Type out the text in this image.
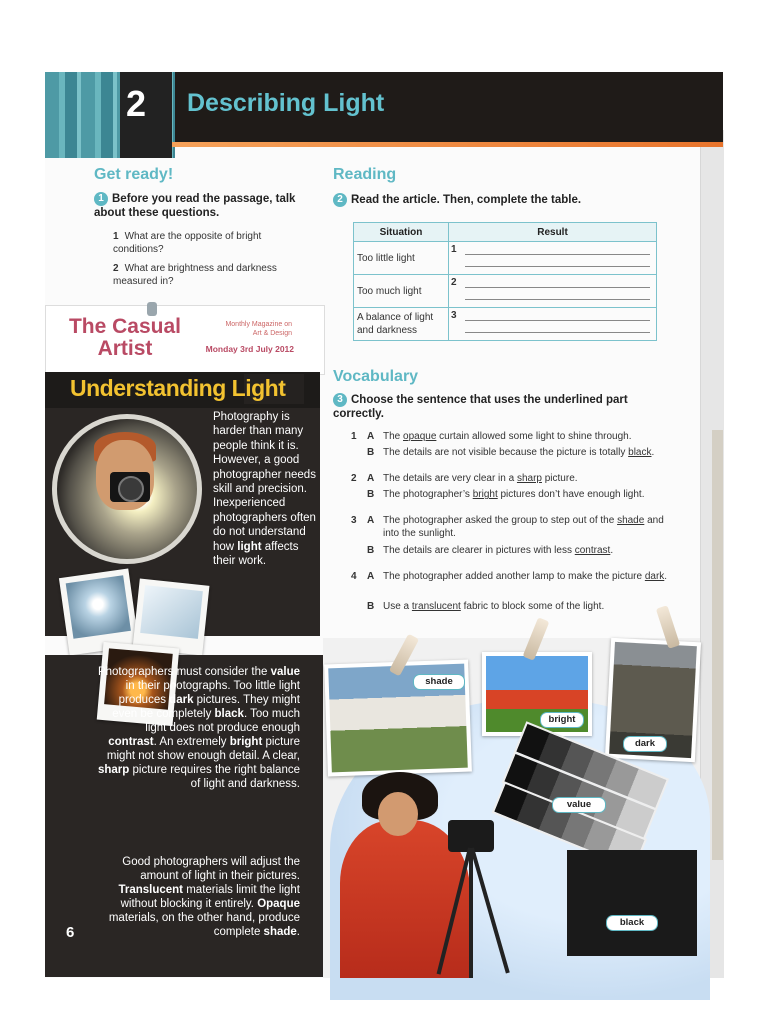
2 Describing Light
Get ready!
1 Before you read the passage, talk about these questions.
1 What are the opposite of bright conditions?
2 What are brightness and darkness measured in?
Reading
2 Read the article. Then, complete the table.
Situation	Result
Too little light	1

Too much light	2

A balance of light and darkness	3
The Casual
Artist
Monthly Magazine on
Art & Design
Monday 3rd July 2012
Understanding Light
Photography is harder than many people think it is. However, a good photographer needs skill and precision. Inexperienced photographers often do not understand how light affects their work.
Photographers must consider the value in their photographs. Too little light produces dark pictures. They might even be completely black. Too much light does not produce enough contrast. An extremely bright picture might not show enough detail. A clear, sharp picture requires the right balance of light and darkness.
Good photographers will adjust the amount of light in their pictures. Translucent materials limit the light without blocking it entirely. Opaque materials, on the other hand, produce complete shade.
6
Vocabulary
3 Choose the sentence that uses the underlined part correctly.
1 A The opaque curtain allowed some light to shine through.
B The details are not visible because the picture is totally black.
2 A The details are very clear in a sharp picture.
B The photographer’s bright pictures don’t have enough light.
3 A The photographer asked the group to step out of the shade and into the sunlight.
B The details are clearer in pictures with less contrast.
4 A The photographer added another lamp to make the picture dark.
B Use a translucent fabric to block some of the light.
shade
bright
dark
value
black
